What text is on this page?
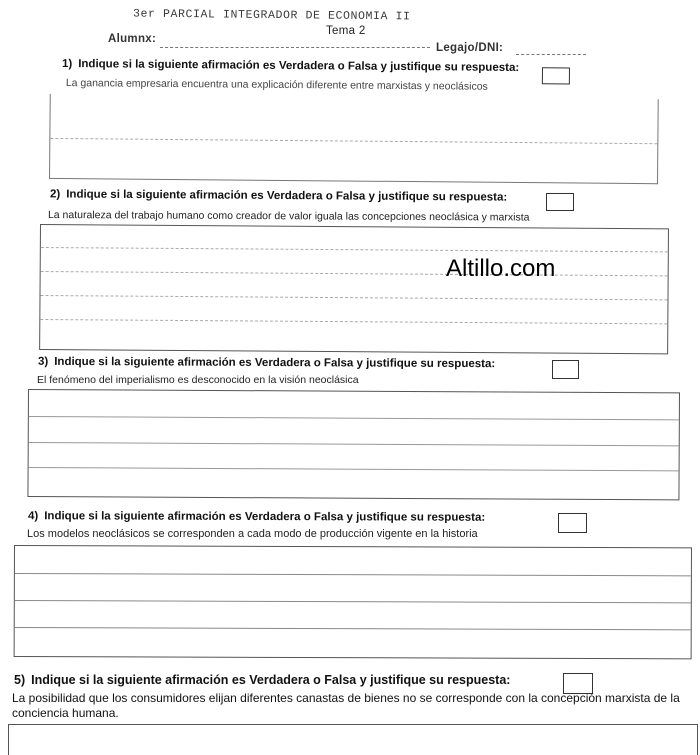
3er PARCIAL INTEGRADOR DE ECONOMIA II
Tema 2
Alumnx:
Legajo/DNI:
1) Indique si la siguiente afirmación es Verdadera o Falsa y justifique su respuesta:
La ganancia empresaria encuentra una explicación diferente entre marxistas y neoclásicos
2) Indique si la siguiente afirmación es Verdadera o Falsa y justifique su respuesta:
La naturaleza del trabajo humano como creador de valor iguala las concepciones neoclásica y marxista
Altillo.com
3) Indique si la siguiente afirmación es Verdadera o Falsa y justifique su respuesta:
El fenómeno del imperialismo es desconocido en la visión neoclásica
4) Indique si la siguiente afirmación es Verdadera o Falsa y justifique su respuesta:
Los modelos neoclásicos se corresponden a cada modo de producción vigente en la historia
5) Indique si la siguiente afirmación es Verdadera o Falsa y justifique su respuesta:
La posibilidad que los consumidores elijan diferentes canastas de bienes no se corresponde con la concepción marxista de la conciencia humana.
